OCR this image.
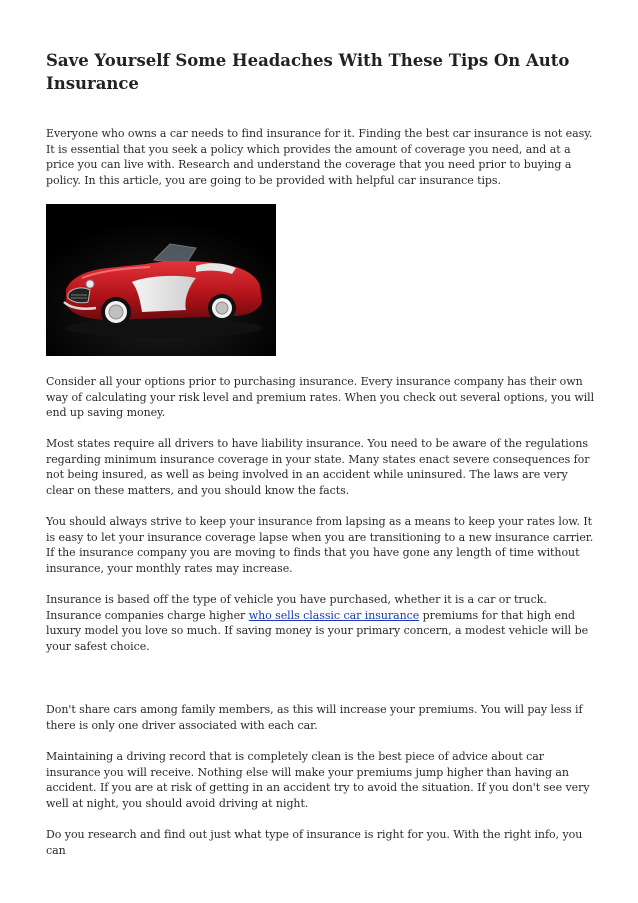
Save Yourself Some Headaches With These Tips On Auto Insurance

Everyone who owns a car needs to find insurance for it. Finding the best car insurance is not easy. It is essential that you seek a policy which provides the amount of coverage you need, and at a price you can live with. Research and understand the coverage that you need prior to buying a policy. In this article, you are going to be provided with helpful car insurance tips.

Consider all your options prior to purchasing insurance. Every insurance company has their own way of calculating your risk level and premium rates. When you check out several options, you will end up saving money.

Most states require all drivers to have liability insurance. You need to be aware of the regulations regarding minimum insurance coverage in your state. Many states enact severe consequences for not being insured, as well as being involved in an accident while uninsured. The laws are very clear on these matters, and you should know the facts.

You should always strive to keep your insurance from lapsing as a means to keep your rates low. It is easy to let your insurance coverage lapse when you are transitioning to a new insurance carrier. If the insurance company you are moving to finds that you have gone any length of time without insurance, your monthly rates may increase.

Insurance is based off the type of vehicle you have purchased, whether it is a car or truck. Insurance companies charge higher who sells classic car insurance premiums for that high end luxury model you love so much. If saving money is your primary concern, a modest vehicle will be your safest choice.

Don't share cars among family members, as this will increase your premiums. You will pay less if there is only one driver associated with each car.

Maintaining a driving record that is completely clean is the best piece of advice about car insurance you will receive. Nothing else will make your premiums jump higher than having an accident. If you are at risk of getting in an accident try to avoid the situation. If you don't see very well at night, you should avoid driving at night.

Do you research and find out just what type of insurance is right for you. With the right info, you can
